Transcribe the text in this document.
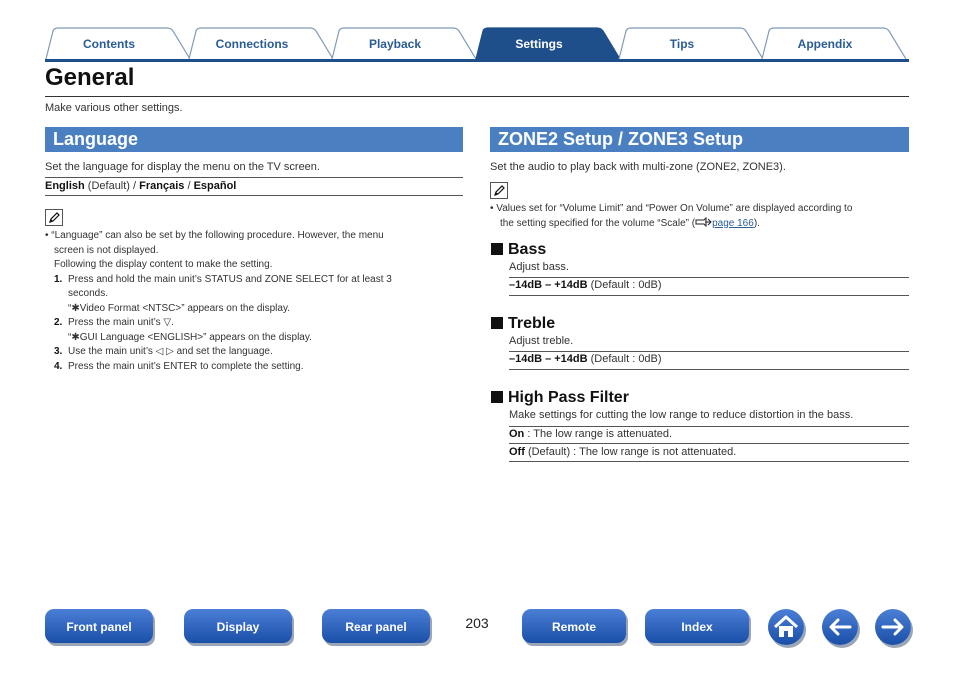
Contents	Connections	Playback	Settings	Tips	Appendix
General
Make various other settings.
Language
Set the language for display the menu on the TV screen.
English (Default) / Français / Español
• “Language” can also be set by the following procedure. However, the menu
screen is not displayed.
Following the display content to make the setting.
1. Press and hold the main unit’s STATUS and ZONE SELECT for at least 3
seconds.
“✱Video Format <NTSC>” appears on the display.
2. Press the main unit’s ▽.
“✱GUI Language <ENGLISH>” appears on the display.
3. Use the main unit’s ◁ ▷ and set the language.
4. Press the main unit’s ENTER to complete the setting.
ZONE2 Setup / ZONE3 Setup
Set the audio to play back with multi-zone (ZONE2, ZONE3).
• Values set for “Volume Limit” and “Power On Volume” are displayed according to
the setting specified for the volume “Scale” ( page 166).
Bass
Adjust bass.
–14dB – +14dB (Default : 0dB)
Treble
Adjust treble.
–14dB – +14dB (Default : 0dB)
High Pass Filter
Make settings for cutting the low range to reduce distortion in the bass.
On : The low range is attenuated.
Off (Default) : The low range is not attenuated.
Front panel	Display	Rear panel	203	Remote	Index
